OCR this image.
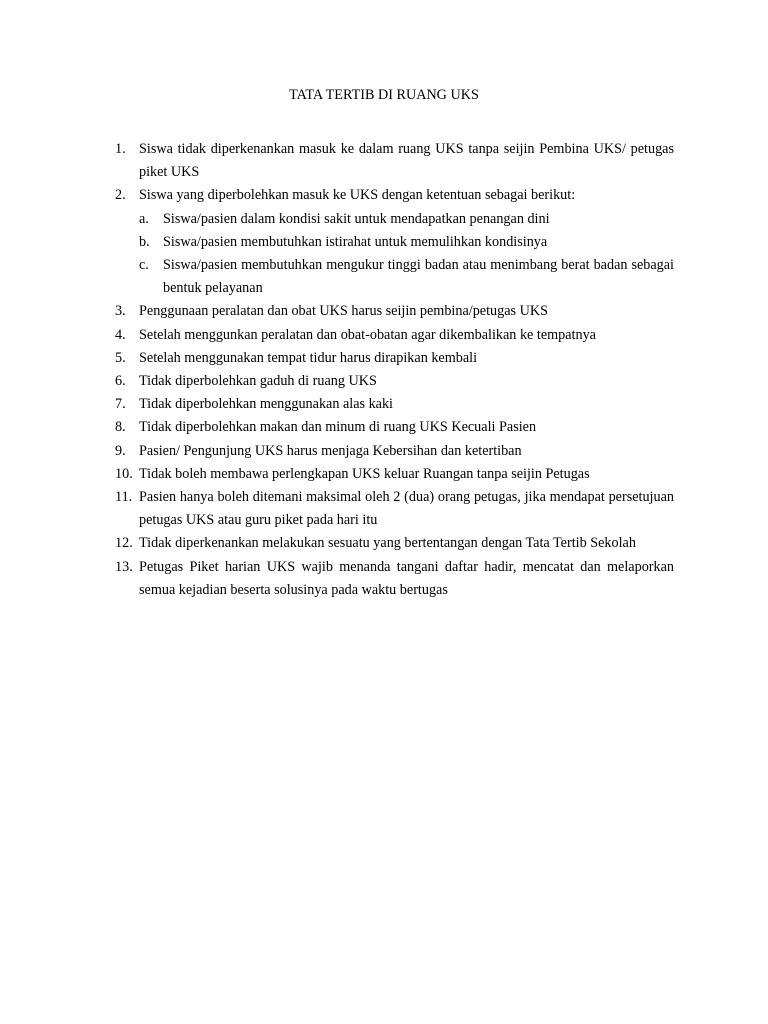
TATA TERTIB DI RUANG UKS
1. Siswa tidak diperkenankan masuk ke dalam ruang UKS tanpa seijin Pembina UKS/ petugas piket UKS
2. Siswa yang diperbolehkan masuk ke UKS dengan ketentuan sebagai berikut:
a. Siswa/pasien dalam kondisi sakit untuk mendapatkan penangan dini
b. Siswa/pasien membutuhkan istirahat untuk memulihkan kondisinya
c. Siswa/pasien membutuhkan mengukur tinggi badan atau menimbang berat badan sebagai bentuk pelayanan
3. Penggunaan peralatan dan obat UKS harus seijin pembina/petugas UKS
4. Setelah menggunkan peralatan dan obat-obatan agar dikembalikan ke tempatnya
5. Setelah menggunakan tempat tidur harus dirapikan kembali
6. Tidak diperbolehkan gaduh di ruang UKS
7. Tidak diperbolehkan menggunakan alas kaki
8. Tidak diperbolehkan makan dan minum di ruang UKS Kecuali Pasien
9. Pasien/ Pengunjung UKS harus menjaga Kebersihan dan ketertiban
10. Tidak boleh membawa perlengkapan UKS keluar Ruangan tanpa seijin Petugas
11. Pasien hanya boleh ditemani maksimal oleh 2 (dua) orang petugas, jika mendapat persetujuan petugas UKS atau guru piket pada hari itu
12. Tidak diperkenankan melakukan sesuatu yang bertentangan dengan Tata Tertib Sekolah
13. Petugas Piket harian UKS wajib menanda tangani daftar hadir, mencatat dan melaporkan semua kejadian beserta solusinya pada waktu bertugas
